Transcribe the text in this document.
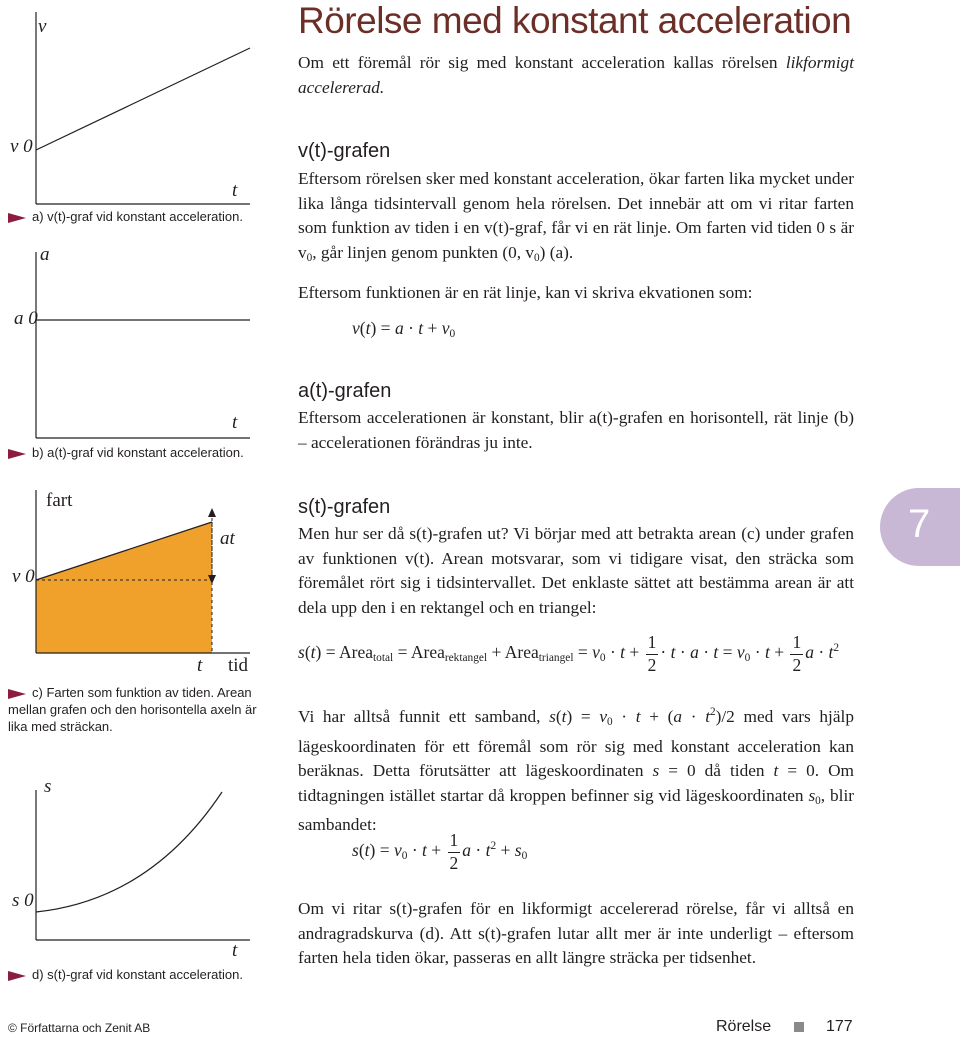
v
v 0
t
a
a 0
t
fart
v 0
at
t tid
s
s 0
t
a) v(t)-graf vid konstant acceleration.
b) a(t)-graf vid konstant acceleration.
c) Farten som funktion av tiden. Arean mellan grafen och den horisontella axeln är lika med sträckan.
d) s(t)-graf vid konstant acceleration.
Rörelse med konstant acceleration
Om ett föremål rör sig med konstant acceleration kallas rörelsen likformigt accelererad.
v(t)-grafen
Eftersom rörelsen sker med konstant acceleration, ökar farten lika mycket under lika långa tidsintervall genom hela rörelsen. Det innebär att om vi ritar farten som funktion av tiden i en v(t)-graf, får vi en rät linje. Om farten vid tiden 0 s är $v_0$, går linjen genom punkten (0, $v_0$) (a).
Eftersom funktionen är en rät linje, kan vi skriva ekvationen som:
$v(t) = a \cdot t + v_0$
a(t)-grafen
Eftersom accelerationen är konstant, blir a(t)-grafen en horisontell, rät linje (b) – accelerationen förändras ju inte.
s(t)-grafen
Men hur ser då s(t)-grafen ut? Vi börjar med att betrakta arean (c) under grafen av funktionen v(t). Arean motsvarar, som vi tidigare visat, den sträcka som föremålet rört sig i tidsintervallet. Det enklaste sättet att bestämma arean är att dela upp den i en rektangel och en triangel:
s(t) = Area$_{total}$ = Area$_{rektangel}$ + Area$_{triangel}$ = $v_0 \cdot t + \frac{1}{2} \cdot t \cdot a \cdot t = v_0 \cdot t + \frac{1}{2}$ $a \cdot t^2$
Vi har alltså funnit ett samband, $s(t) = v_0 \cdot t + (a \cdot t^2)/2$ med vars hjälp lägeskoordinaten för ett föremål som rör sig med konstant acceleration kan beräknas. Detta förutsätter att lägeskoordinaten s = 0 då tiden t = 0. Om tidtagningen istället startar då kroppen befinner sig vid lägeskoordinaten $s_0$, blir sambandet:
$s(t) = v_0 \cdot t + \frac{1}{2}$ $a \cdot t^2 + s_0$
Om vi ritar s(t)-grafen för en likformigt accelererad rörelse, får vi alltså en andragradskurva (d). Att s(t)-grafen lutar allt mer är inte underligt – eftersom farten hela tiden ökar, passeras en allt längre sträcka per tidsenhet.
7
© Författarna och Zenit AB	Rörelse	177
